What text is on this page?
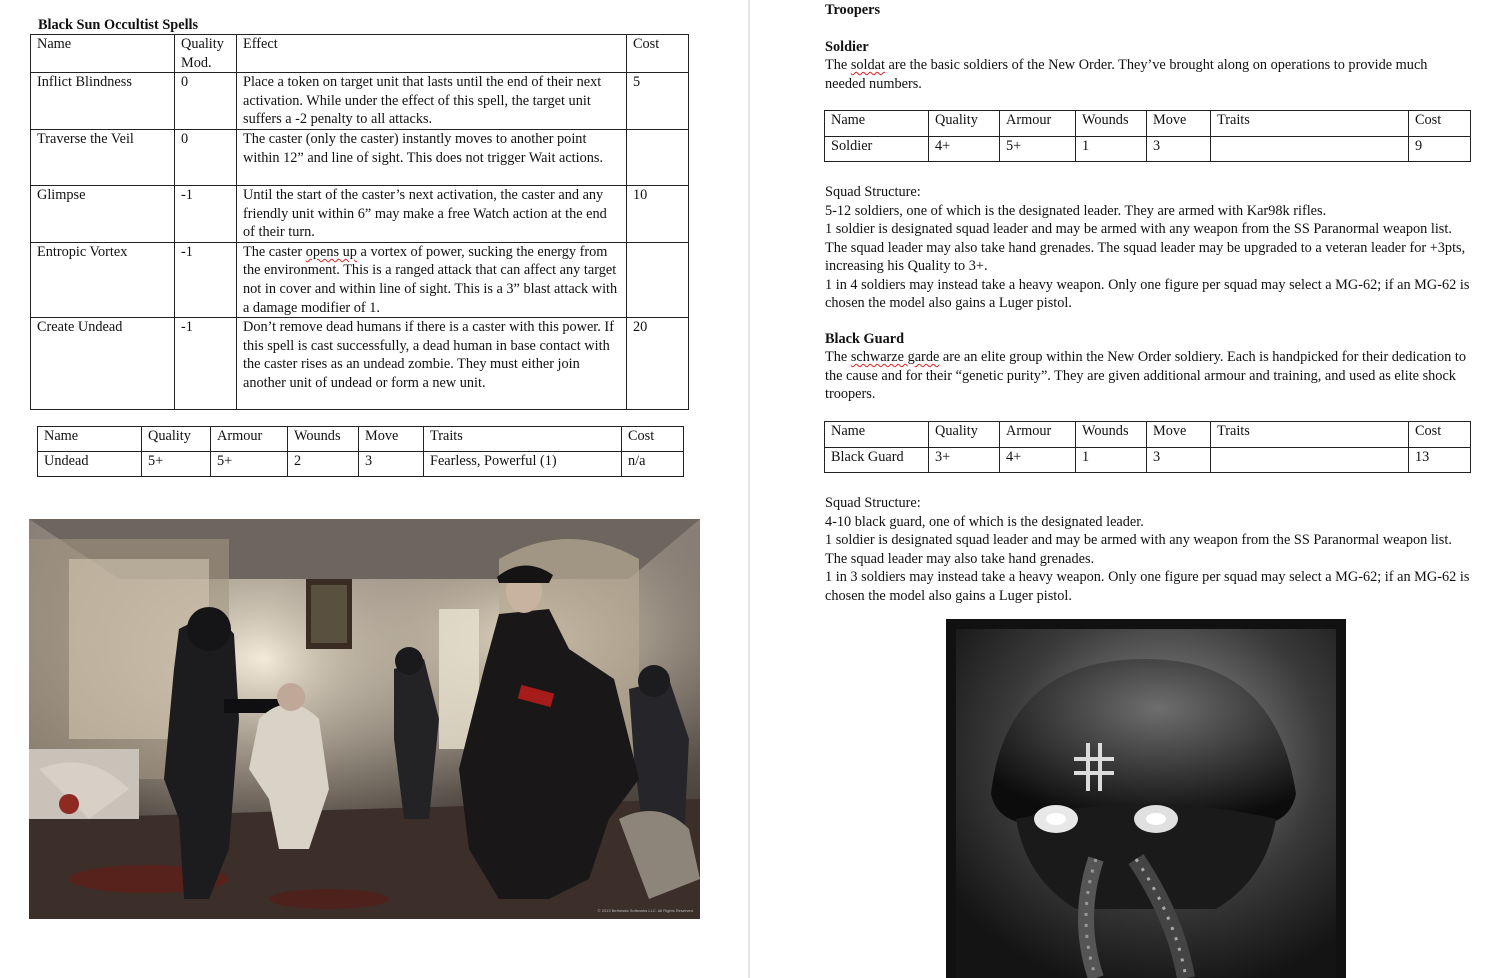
Black Sun Occultist Spells
Name	Quality Mod.	Effect	Cost
Inflict Blindness	0	Place a token on target unit that lasts until the end of their next activation. While under the effect of this spell, the target unit suffers a -2 penalty to all attacks.	5
Traverse the Veil	0	The caster (only the caster) instantly moves to another point within 12” and line of sight. This does not trigger Wait actions.	
Glimpse	-1	Until the start of the caster’s next activation, the caster and any friendly unit within 6” may make a free Watch action at the end of their turn.	10
Entropic Vortex	-1	The caster opens up a vortex of power, sucking the energy from the environment. This is a ranged attack that can affect any target not in cover and within line of sight. This is a 3” blast attack with a damage modifier of 1.	
Create Undead	-1	Don’t remove dead humans if there is a caster with this power. If this spell is cast successfully, a dead human in base contact with the caster rises as an undead zombie. They must either join another unit of undead or form a new unit.	20
Name	Quality	Armour	Wounds	Move	Traits	Cost
Undead	5+	5+	2	3	Fearless, Powerful (1)	n/a
© 2013 Bethesda Softworks LLC. All Rights Reserved.
Troopers
Soldier
The soldat are the basic soldiers of the New Order. They’ve brought along on operations to provide much needed numbers.
Name	Quality	Armour	Wounds	Move	Traits	Cost
Soldier	4+	5+	1	3		9
Squad Structure:
5-12 soldiers, one of which is the designated leader. They are armed with Kar98k rifles.
1 soldier is designated squad leader and may be armed with any weapon from the SS Paranormal weapon list. The squad leader may also take hand grenades. The squad leader may be upgraded to a veteran leader for +3pts, increasing his Quality to 3+.
1 in 4 soldiers may instead take a heavy weapon. Only one figure per squad may select a MG-62; if an MG-62 is chosen the model also gains a Luger pistol.
Black Guard
The schwarze garde are an elite group within the New Order soldiery. Each is handpicked for their dedication to the cause and for their “genetic purity”. They are given additional armour and training, and used as elite shock troopers.
Name	Quality	Armour	Wounds	Move	Traits	Cost
Black Guard	3+	4+	1	3		13
Squad Structure:
4-10 black guard, one of which is the designated leader.
1 soldier is designated squad leader and may be armed with any weapon from the SS Paranormal weapon list. The squad leader may also take hand grenades.
1 in 3 soldiers may instead take a heavy weapon. Only one figure per squad may select a MG-62; if an MG-62 is chosen the model also gains a Luger pistol.
